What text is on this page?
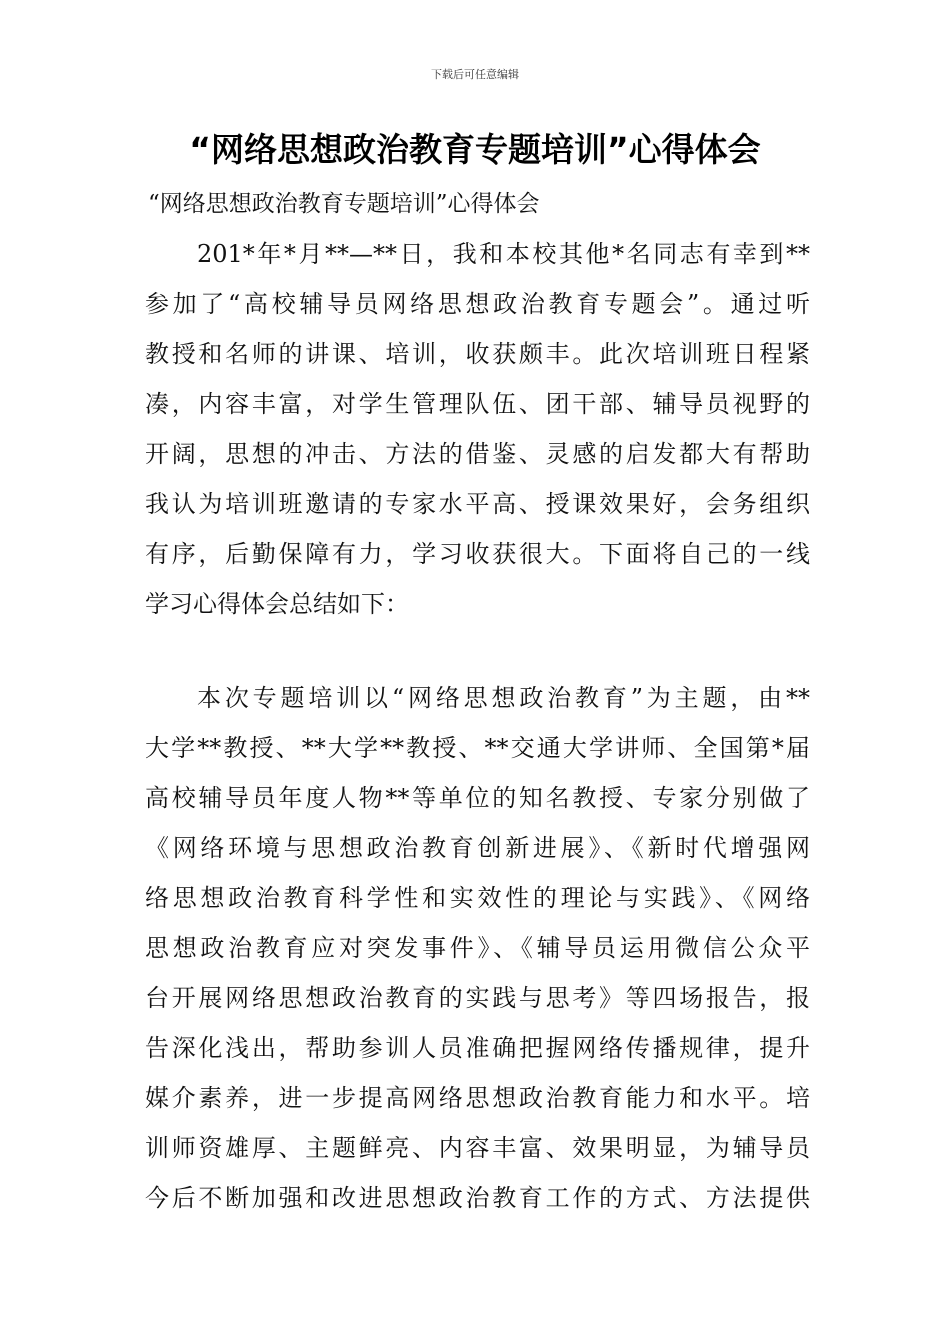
下载后可任意编辑
“网络思想政治教育专题培训”心得体会
“网络思想政治教育专题培训”心得体会
201*年*月**—**日，我和本校其他*名同志有幸到**
参加了“高校辅导员网络思想政治教育专题会”。通过听
教授和名师的讲课、培训，收获颇丰。此次培训班日程紧
凑，内容丰富，对学生管理队伍、团干部、辅导员视野的
开阔，思想的冲击、方法的借鉴、灵感的启发都大有帮助
我认为培训班邀请的专家水平高、授课效果好，会务组织
有序，后勤保障有力，学习收获很大。下面将自己的一线
学习心得体会总结如下：
本次专题培训以“网络思想政治教育”为主题，由**
大学**教授、**大学**教授、**交通大学讲师、全国第*届
高校辅导员年度人物**等单位的知名教授、专家分别做了
《网络环境与思想政治教育创新进展》、《新时代增强网
络思想政治教育科学性和实效性的理论与实践》、《网络
思想政治教育应对突发事件》、《辅导员运用微信公众平
台开展网络思想政治教育的实践与思考》等四场报告，报
告深化浅出，帮助参训人员准确把握网络传播规律，提升
媒介素养，进一步提高网络思想政治教育能力和水平。培
训师资雄厚、主题鲜亮、内容丰富、效果明显，为辅导员
今后不断加强和改进思想政治教育工作的方式、方法提供
